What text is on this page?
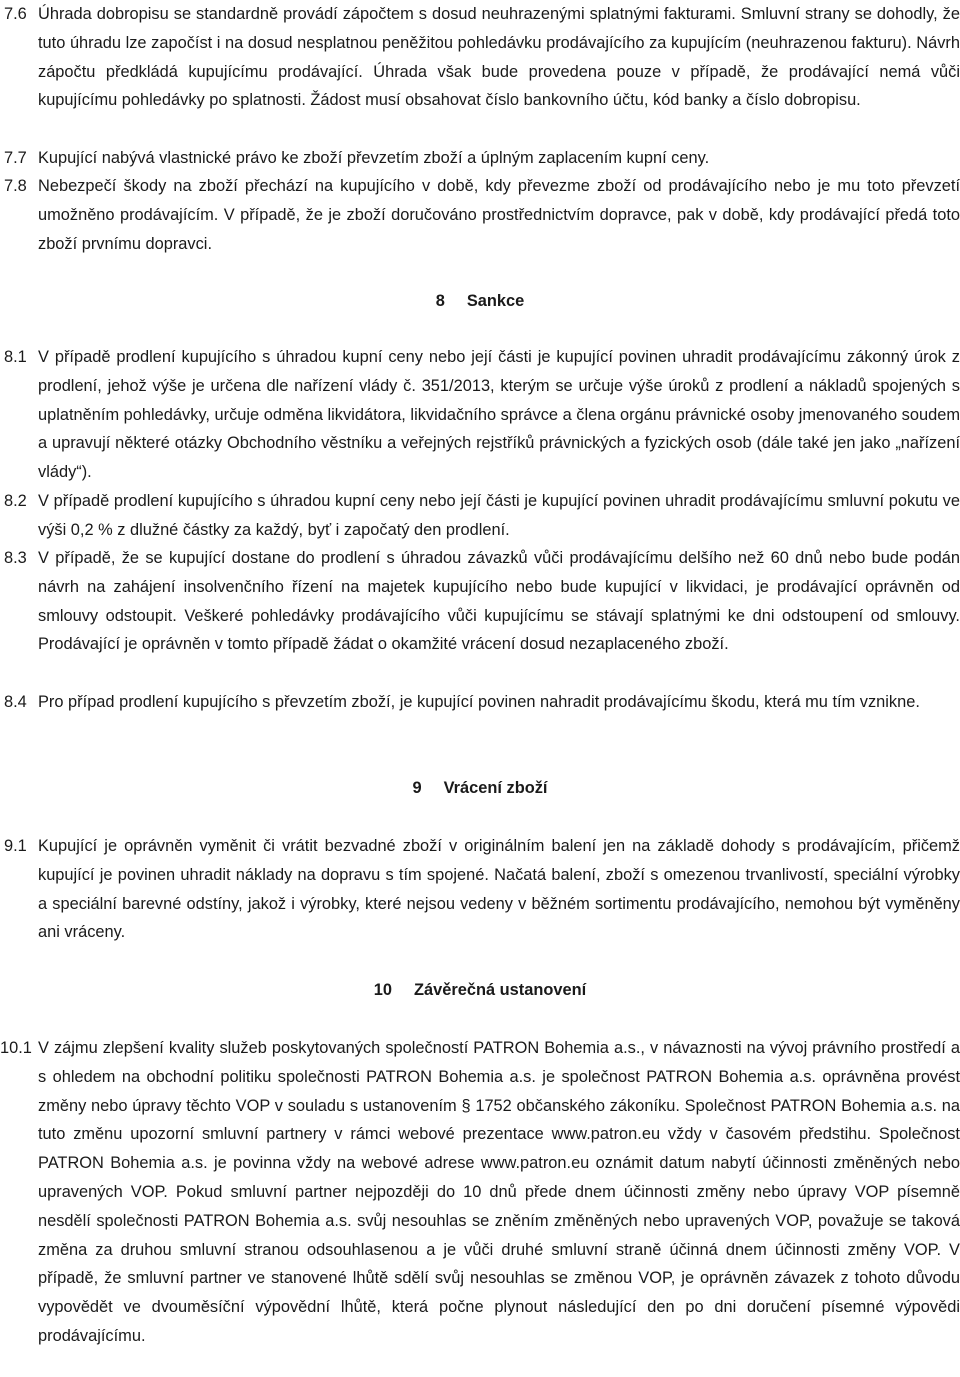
7.6 Úhrada dobropisu se standardně provádí zápočtem s dosud neuhrazenými splatnými fakturami. Smluvní strany se dohodly, že tuto úhradu lze započíst i na dosud nesplatnou peněžitou pohledávku prodávajícího za kupujícím (neuhrazenou fakturu). Návrh zápočtu předkládá kupujícímu prodávající. Úhrada však bude provedena pouze v případě, že prodávající nemá vůči kupujícímu pohledávky po splatnosti. Žádost musí obsahovat číslo bankovního účtu, kód banky a číslo dobropisu.
7.7 Kupující nabývá vlastnické právo ke zboží převzetím zboží a úplným zaplacením kupní ceny.
7.8 Nebezpečí škody na zboží přechází na kupujícího v době, kdy převezme zboží od prodávajícího nebo je mu toto převzetí umožněno prodávajícím. V případě, že je zboží doručováno prostřednictvím dopravce, pak v době, kdy prodávající předá toto zboží prvnímu dopravci.
8 Sankce
8.1 V případě prodlení kupujícího s úhradou kupní ceny nebo její části je kupující povinen uhradit prodávajícímu zákonný úrok z prodlení, jehož výše je určena dle nařízení vlády č. 351/2013, kterým se určuje výše úroků z prodlení a nákladů spojených s uplatněním pohledávky, určuje odměna likvidátora, likvidačního správce a člena orgánu právnické osoby jmenovaného soudem a upravují některé otázky Obchodního věstníku a veřejných rejstříků právnických a fyzických osob (dále také jen jako „nařízení vlády“).
8.2 V případě prodlení kupujícího s úhradou kupní ceny nebo její části je kupující povinen uhradit prodávajícímu smluvní pokutu ve výši 0,2 % z dlužné částky za každý, byť i započatý den prodlení.
8.3 V případě, že se kupující dostane do prodlení s úhradou závazků vůči prodávajícímu delšího než 60 dnů nebo bude podán návrh na zahájení insolvenčního řízení na majetek kupujícího nebo bude kupující v likvidaci, je prodávající oprávněn od smlouvy odstoupit. Veškeré pohledávky prodávajícího vůči kupujícímu se stávají splatnými ke dni odstoupení od smlouvy. Prodávající je oprávněn v tomto případě žádat o okamžité vrácení dosud nezaplaceného zboží.
8.4 Pro případ prodlení kupujícího s převzetím zboží, je kupující povinen nahradit prodávajícímu škodu, která mu tím vznikne.
9 Vrácení zboží
9.1 Kupující je oprávněn vyměnit či vrátit bezvadné zboží v originálním balení jen na základě dohody s prodávajícím, přičemž kupující je povinen uhradit náklady na dopravu s tím spojené. Načatá balení, zboží s omezenou trvanlivostí, speciální výrobky a speciální barevné odstíny, jakož i výrobky, které nejsou vedeny v běžném sortimentu prodávajícího, nemohou být vyměněny ani vráceny.
10 Závěrečná ustanovení
10.1 V zájmu zlepšení kvality služeb poskytovaných společností PATRON Bohemia a.s., v návaznosti na vývoj právního prostředí a s ohledem na obchodní politiku společnosti PATRON Bohemia a.s. je společnost PATRON Bohemia a.s. oprávněna provést změny nebo úpravy těchto VOP v souladu s ustanovením § 1752 občanského zákoníku. Společnost PATRON Bohemia a.s. na tuto změnu upozorní smluvní partnery v rámci webové prezentace www.patron.eu vždy v časovém předstihu. Společnost PATRON Bohemia a.s. je povinna vždy na webové adrese www.patron.eu oznámit datum nabytí účinnosti změněných nebo upravených VOP. Pokud smluvní partner nejpozději do 10 dnů přede dnem účinnosti změny nebo úpravy VOP písemně nesdělí společnosti PATRON Bohemia a.s. svůj nesouhlas se zněním změněných nebo upravených VOP, považuje se taková změna za druhou smluvní stranou odsouhlasenou a je vůči druhé smluvní straně účinná dnem účinnosti změny VOP. V případě, že smluvní partner ve stanovené lhůtě sdělí svůj nesouhlas se změnou VOP, je oprávněn závazek z tohoto důvodu vypovědět ve dvouměsíční výpovědní lhůtě, která počne plynout následující den po dni doručení písemné výpovědi prodávajícímu.
